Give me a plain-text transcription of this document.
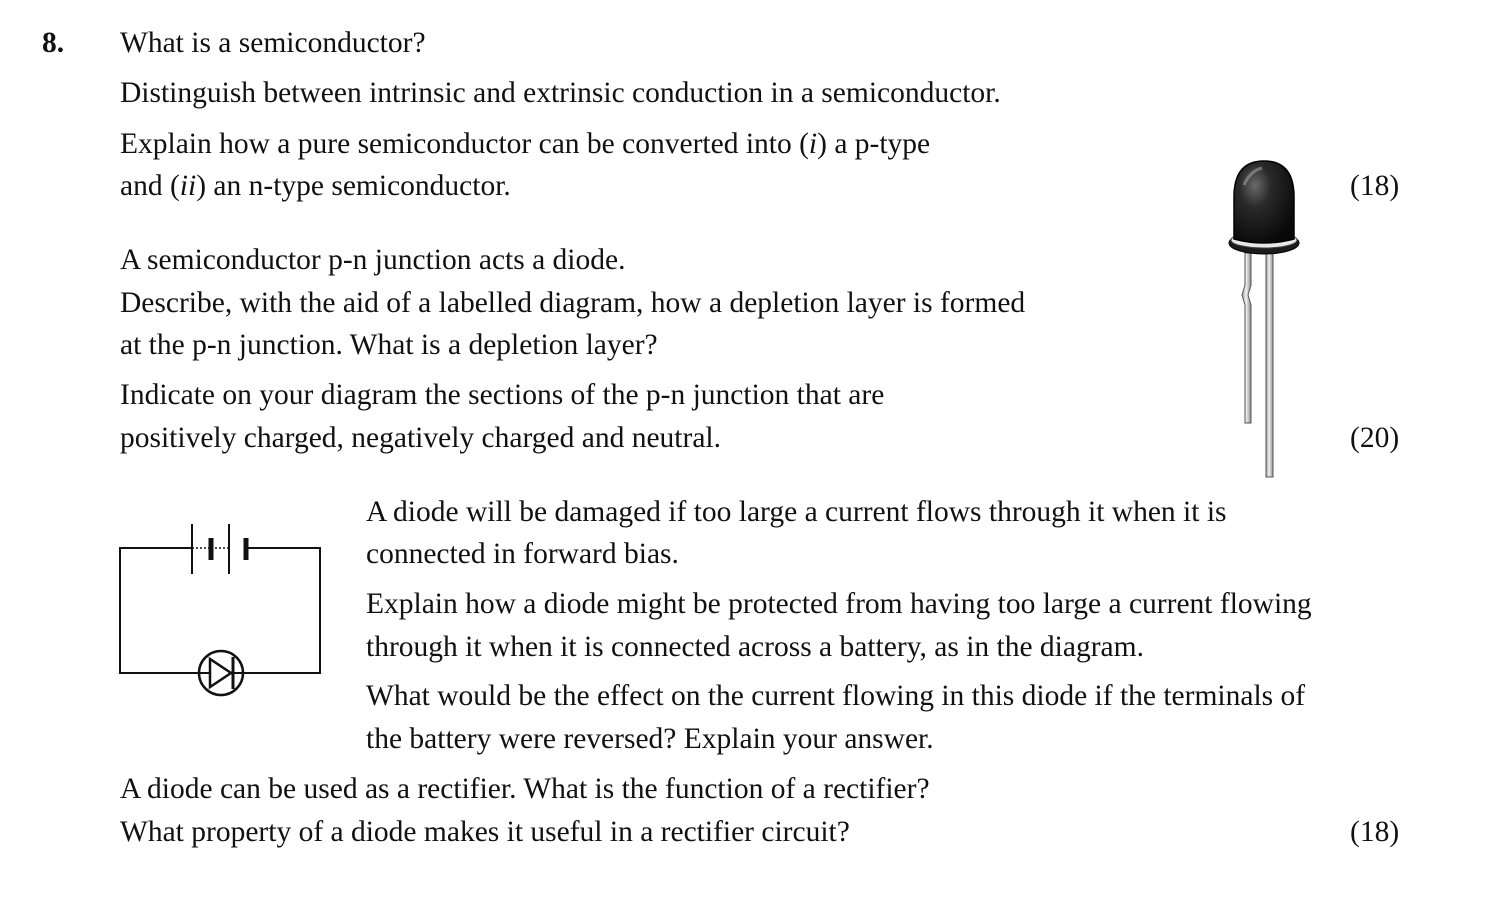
8. What is a semiconductor?
Distinguish between intrinsic and extrinsic conduction in a semiconductor.
Explain how a pure semiconductor can be converted into (i) a p-type
and (ii) an n-type semiconductor.	(18)
A semiconductor p-n junction acts a diode.
Describe, with the aid of a labelled diagram, how a depletion layer is formed
at the p-n junction. What is a depletion layer?
Indicate on your diagram the sections of the p-n junction that are
positively charged, negatively charged and neutral.	(20)
A diode will be damaged if too large a current flows through it when it is
connected in forward bias.
Explain how a diode might be protected from having too large a current flowing
through it when it is connected across a battery, as in the diagram.
What would be the effect on the current flowing in this diode if the terminals of
the battery were reversed? Explain your answer.
A diode can be used as a rectifier. What is the function of a rectifier?
What property of a diode makes it useful in a rectifier circuit?	(18)
